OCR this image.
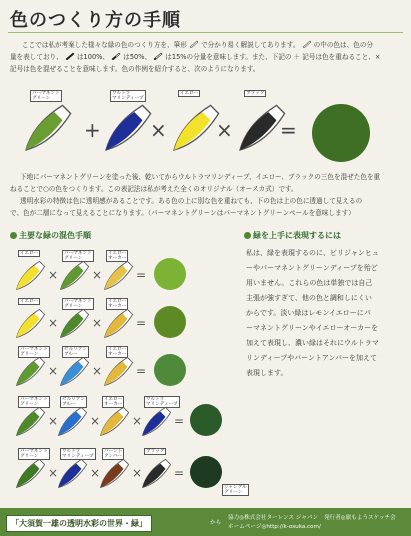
色のつくり方の手順
ここでは私が考案した様々な緑の色のつくり方を、筆形 で分かり易く解説してあります。 の中の色は、色の分
量を表しており、 は100%、 は50%、 は15%の分量を意味します。また、下記の ＋ 記号は色を重ねること、×
記号は色を混ぜることを意味します。色の作例を紹介すると、次のようになります。
パーマネント
グリーン
ウルトラ
マリンディープ
イエロー	ブラック
+ × × =
下地にパーマネントグリーンを塗った後、乾いてからウルトラマリンディープ、イエロー、ブラックの三色を混ぜた色を重
ねることで○の色をつくります。この表記法は私が考えた全くのオリジナル（オースカ式）です。
透明水彩の特徴は色に透明感があることです。ある色の上に別な色を重ねても、下の色は上の色に透過して見えるの
で、色が二層になって見えることになります。（パーマネントグリーンはパーマネントグリーンペールを意味します）
主要な緑の混色手順
イエロー	パーマネント
グリーン
イエロー
オーカー
×	×	=
イエロー	パーマネント
グリーン
イエロー
オーカー
×	×	=
パーマネント
グリーン
セルリアン
ブルー
イエロー
オーカー
×	×	=
パーマネント
グリーン
セルリアン
ブルー
イエロー
オーカー
ウルトラ
マリンディープ
×	×	×	=
パーマネント
グリーン
ウルトラ
マリンディープ
バーント
アンバー
ブラック
×	×	×	=
ジャングル
グリーン
緑を上手に表現するには
私は、緑を表現するのに、ビリジャンヒュ
ーやパーマネントグリーンディープを殆ど
用いません。これらの色は単独では自己
主張が強すぎて、他の色と調和しにくい
からです。淡い緑はレモンイエローにパ
ーマネントグリーンやイエローオーカーを
加えて表現し、濃い緑はそれにウルトラマ
リンディープやバーントアンバーを加えて
表現します。
「大須賀一雄の透明水彩の世界・緑」	から
協力◎株式会社ターレンス ジャパン 発行者◎旅もようスケッチ会
ホームページ◎http://k-osuka.com/
